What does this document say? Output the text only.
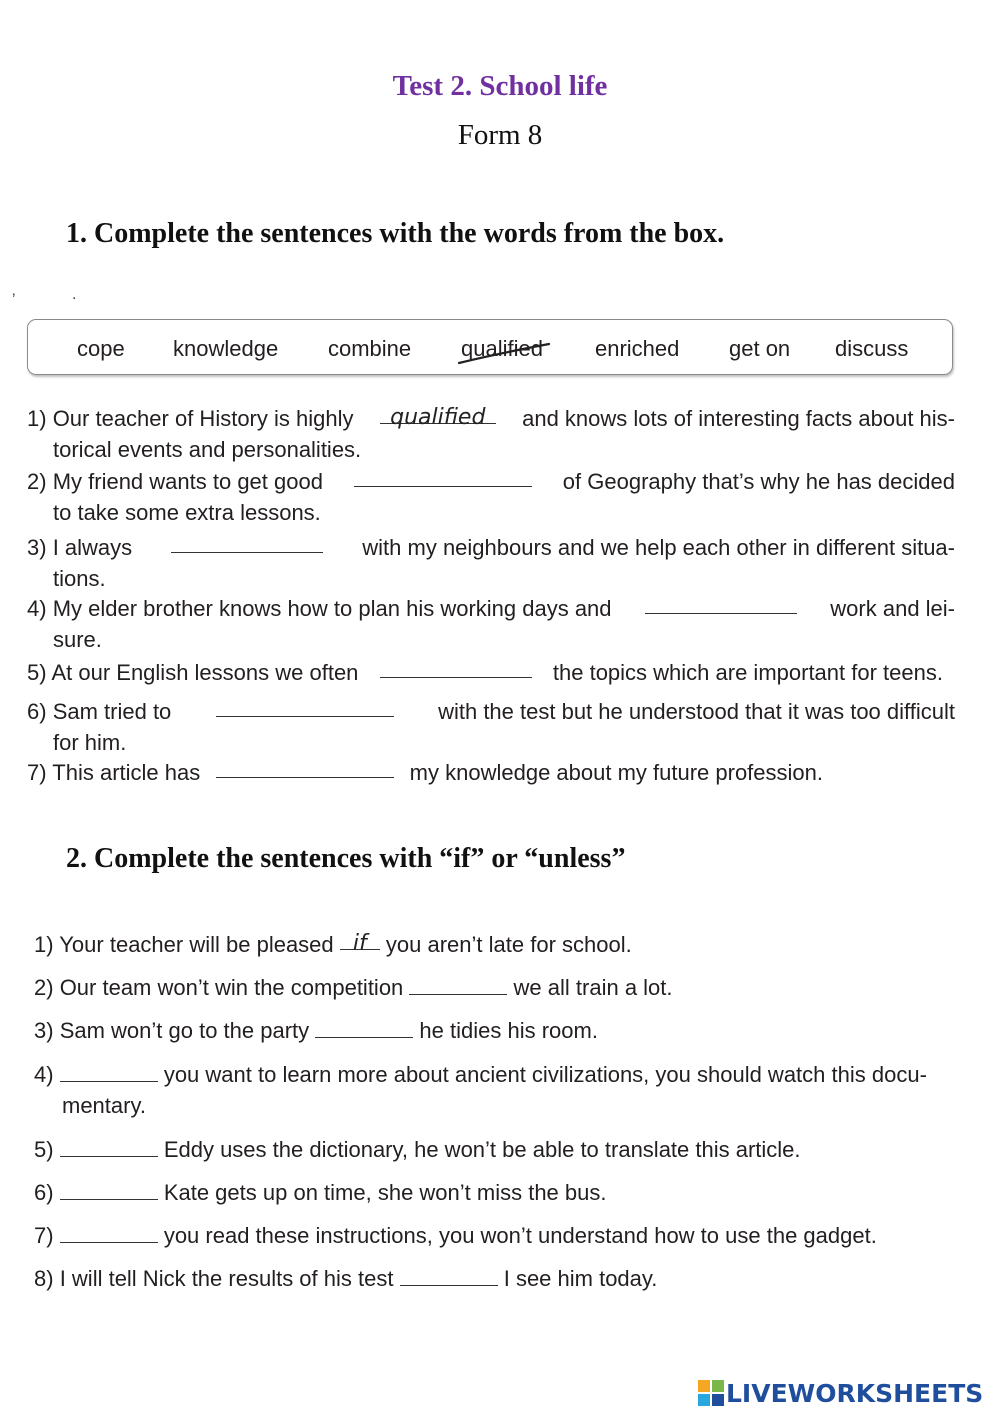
Test 2. School life
Form 8
1. Complete the sentences with the words from the box.
ʼ	.
cope knowledge combine qualified enriched get on discuss
1) Our teacher of History is highly	qualified	and knows lots of interesting facts about his-
torical events and personalities.
2) My friend wants to get good	of Geography that’s why he has decided
to take some extra lessons.
3) I always	with my neighbours and we help each other in different situa-
tions.
4) My elder brother knows how to plan his working days and	work and lei-
sure.
5) At our English lessons we often	the topics which are important for teens.
6) Sam tried to	with the test but he understood that it was too difficult
for him.
7) This article has	my knowledge about my future profession.
2. Complete the sentences with “if” or “unless”
1) Your teacher will be pleased if you aren’t late for school.
2) Our team won’t win the competition	we all train a lot.
3) Sam won’t go to the party	he tidies his room.
4)	you want to learn more about ancient civilizations, you should watch this docu-
mentary.
5)	Eddy uses the dictionary, he won’t be able to translate this article.
6)	Kate gets up on time, she won’t miss the bus.
7)	you read these instructions, you won’t understand how to use the gadget.
8) I will tell Nick the results of his test	I see him today.
LIVEWORKSHEETS
